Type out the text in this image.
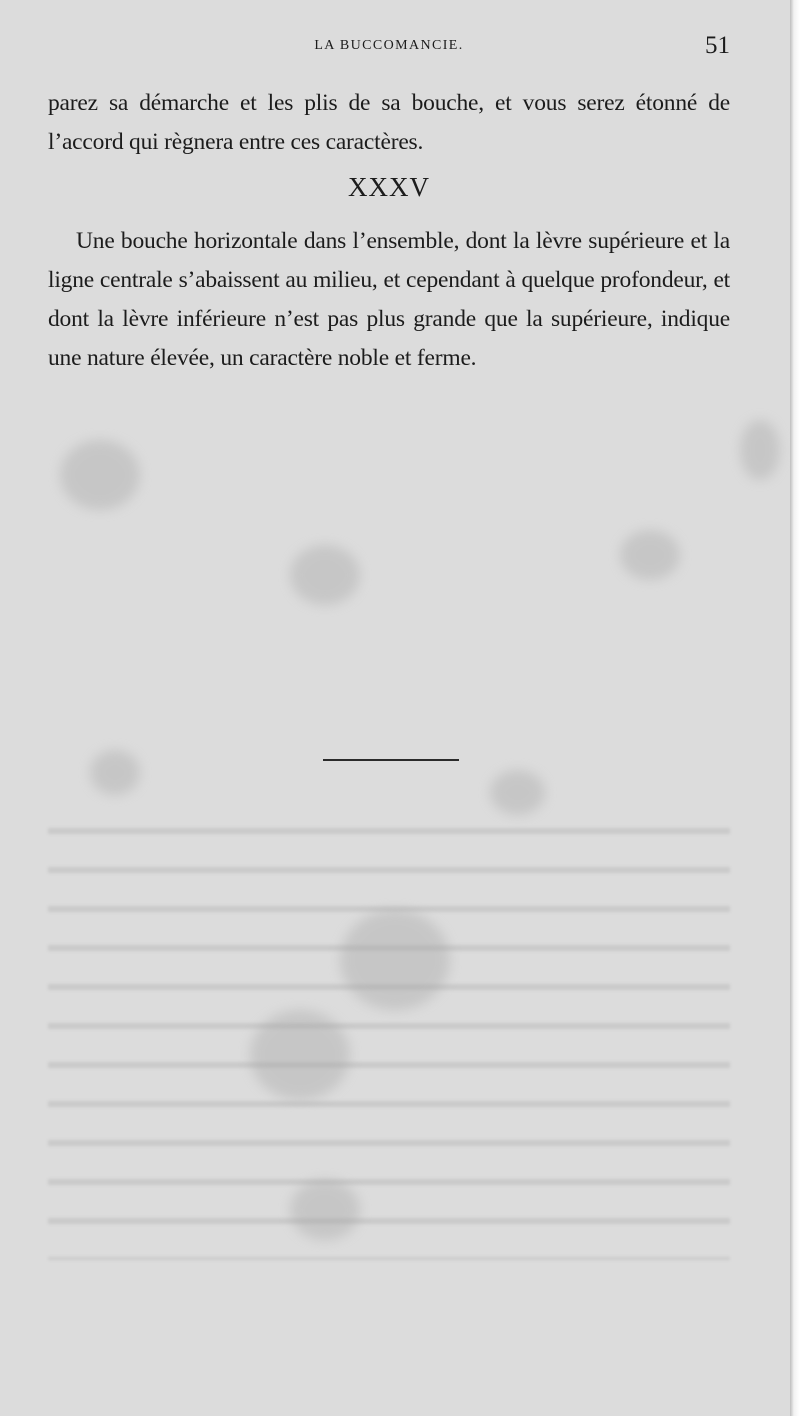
LA BUCCOMANCIE.	51

parez sa démarche et les plis de sa bouche, et vous serez étonné de l’accord qui règnera entre ces caractères.

XXXV

Une bouche horizontale dans l’ensemble, dont la lèvre supérieure et la ligne centrale s’abaissent au milieu, et cependant à quelque profondeur, et dont la lèvre inférieure n’est pas plus grande que la supérieure, indique une nature élevée, un caractère noble et ferme.
